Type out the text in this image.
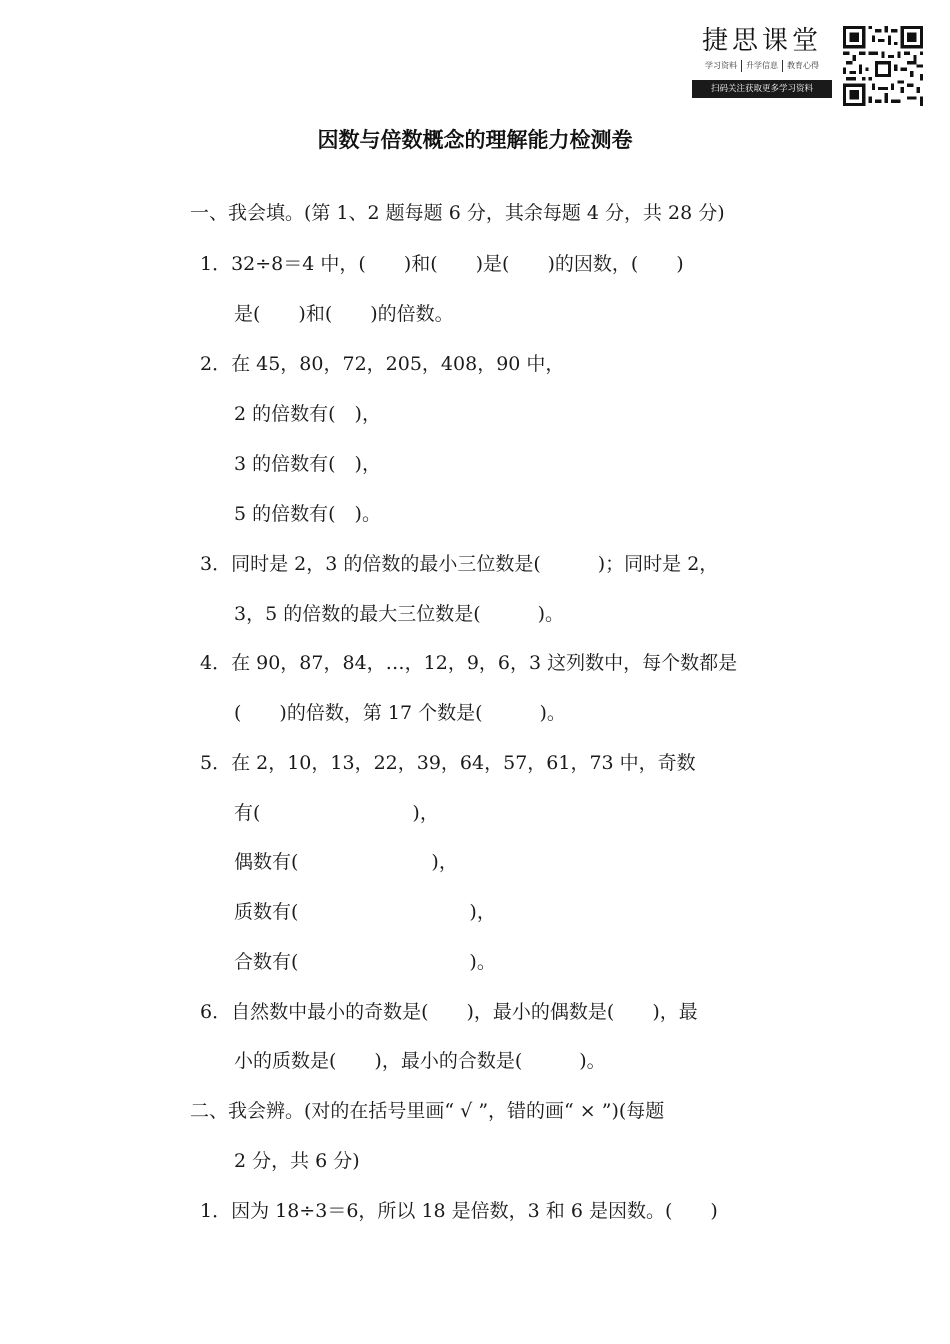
捷思课堂
学习资料	升学信息	教育心得
扫码关注获取更多学习资料
因数与倍数概念的理解能力检测卷
一、我会填。(第 1、2 题每题 6 分，其余每题 4 分，共 28 分)
1．32÷8＝4 中，(　　)和(　　)是(　　)的因数，(　　)
是(　　)和(　　)的倍数。
2．在 45，80，72，205，408，90 中，
2 的倍数有(　)，
3 的倍数有(　)，
5 的倍数有(　)。
3．同时是 2，3 的倍数的最小三位数是(　　　)；同时是 2，
3，5 的倍数的最大三位数是(　　　)。
4．在 90，87，84，…，12，9，6，3 这列数中，每个数都是
(　　)的倍数，第 17 个数是(　　　)。
5．在 2，10，13，22，39，64，57，61，73 中，奇数
有(　　　　　　　　)，
偶数有(　　　　　　　)，
质数有(　　　　　　　　　)，
合数有(　　　　　　　　　)。
6．自然数中最小的奇数是(　　)，最小的偶数是(　　)，最
小的质数是(　　)，最小的合数是(　　　)。
二、我会辨。(对的在括号里画“ √ ”，错的画“ × ”)(每题
2 分，共 6 分)
1．因为 18÷3＝6，所以 18 是倍数，3 和 6 是因数。(　　)
